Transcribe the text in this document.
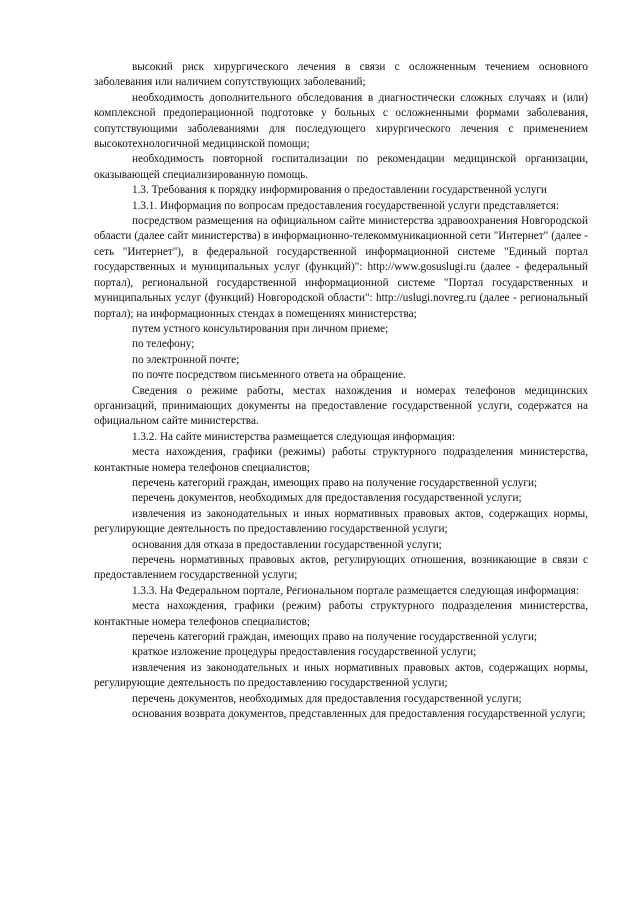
высокий риск хирургического лечения в связи с осложненным течением основного заболевания или наличием сопутствующих заболеваний;

необходимость дополнительного обследования в диагностически сложных случаях и (или) комплексной предоперационной подготовке у больных с осложненными формами заболевания, сопутствующими заболеваниями для последующего хирургического лечения с применением высокотехнологичной медицинской помощи;

необходимость повторной госпитализации по рекомендации медицинской организации, оказывающей специализированную помощь.

1.3. Требования к порядку информирования о предоставлении государственной услуги

1.3.1. Информация по вопросам предоставления государственной услуги представляется:

посредством размещения на официальном сайте министерства здравоохранения Новгородской области (далее сайт министерства) в информационно-телекоммуникационной сети "Интернет" (далее - сеть "Интернет"), в федеральной государственной информационной системе "Единый портал государственных и муниципальных услуг (функций)": http://www.gosuslugi.ru (далее - федеральный портал), региональной государственной информационной системе "Портал государственных и муниципальных услуг (функций) Новгородской области": http://uslugi.novreg.ru (далее - региональный портал); на информационных стендах в помещениях министерства;

путем устного консультирования при личном приеме;

по телефону;

по электронной почте;

по почте посредством письменного ответа на обращение.

Сведения о режиме работы, местах нахождения и номерах телефонов медицинских организаций, принимающих документы на предоставление государственной услуги, содержатся на официальном сайте министерства.

1.3.2. На сайте министерства размещается следующая информация:

места нахождения, графики (режимы) работы структурного подразделения министерства, контактные номера телефонов специалистов;

перечень категорий граждан, имеющих право на получение государственной услуги;

перечень документов, необходимых для предоставления государственной услуги;

извлечения из законодательных и иных нормативных правовых актов, содержащих нормы, регулирующие деятельность по предоставлению государственной услуги;

основания для отказа в предоставлении государственной услуги;

перечень нормативных правовых актов, регулирующих отношения, возникающие в связи с предоставлением государственной услуги;

1.3.3. На Федеральном портале, Региональном портале размещается следующая информация:

места нахождения, графики (режим) работы структурного подразделения министерства, контактные номера телефонов специалистов;

перечень категорий граждан, имеющих право на получение государственной услуги;

краткое изложение процедуры предоставления государственной услуги;

извлечения из законодательных и иных нормативных правовых актов, содержащих нормы, регулирующие деятельность по предоставлению государственной услуги;

перечень документов, необходимых для предоставления государственной услуги;

основания возврата документов, представленных для предоставления государственной услуги;
